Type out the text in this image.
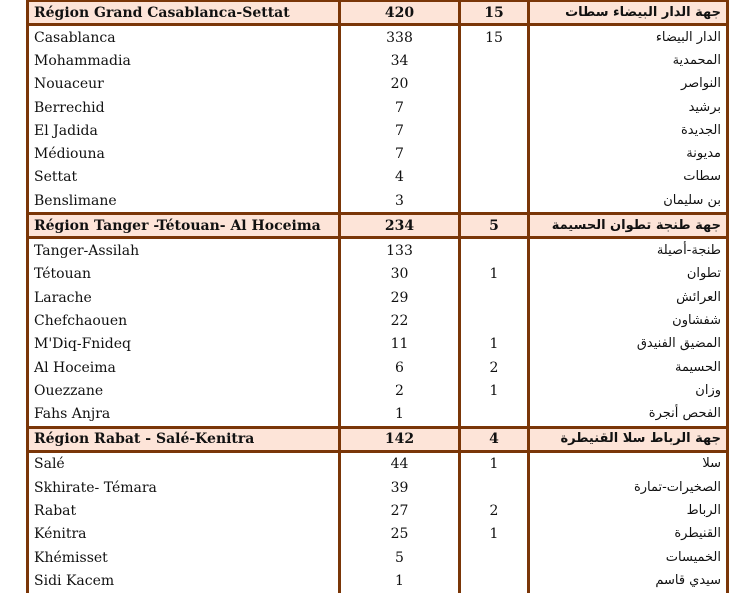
Région Grand Casablanca-Settat	420	15	جهة الدار البيضاء سطات
Casablanca	338	15	الدار البيضاء
Mohammadia	34		المحمدية
Nouaceur	20		النواصر
Berrechid	7		برشيد
El Jadida	7		الجديدة
Médiouna	7		مديونة
Settat	4		سطات
Benslimane	3		بن سليمان
Région Tanger -Tétouan- Al Hoceima	234	5	جهة طنجة تطوان الحسيمة
Tanger-Assilah	133		طنجة-أصيلة
Tétouan	30	1	تطوان
Larache	29		العرائش
Chefchaouen	22		شفشاون
M'Diq-Fnideq	11	1	المضيق الفنيدق
Al Hoceima	6	2	الحسيمة
Ouezzane	2	1	وزان
Fahs Anjra	1		الفحص أنجرة
Région Rabat - Salé-Kenitra	142	4	جهة الرباط سلا القنيطرة
Salé	44	1	سلا
Skhirate- Témara	39		الصخيرات-تمارة
Rabat	27	2	الرباط
Kénitra	25	1	القنيطرة
Khémisset	5		الخميسات
Sidi Kacem	1		سيدي قاسم
